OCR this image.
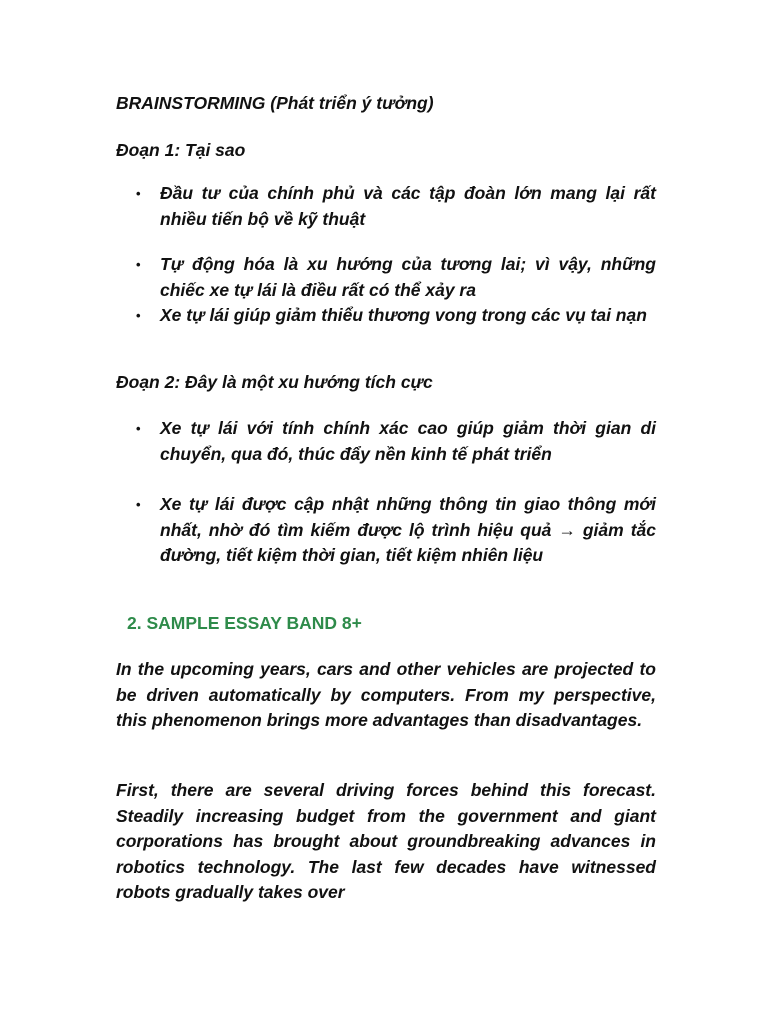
BRAINSTORMING (Phát triển ý tưởng)
Đoạn 1: Tại sao
• Đầu tư của chính phủ và các tập đoàn lớn mang lại rất nhiều tiến bộ về kỹ thuật
• Tự động hóa là xu hướng của tương lai; vì vậy, những chiếc xe tự lái là điều rất có thể xảy ra
• Xe tự lái giúp giảm thiểu thương vong trong các vụ tai nạn
Đoạn 2: Đây là một xu hướng tích cực
• Xe tự lái với tính chính xác cao giúp giảm thời gian di chuyển, qua đó, thúc đẩy nền kinh tế phát triển
• Xe tự lái được cập nhật những thông tin giao thông mới nhất, nhờ đó tìm kiếm được lộ trình hiệu quả → giảm tắc đường, tiết kiệm thời gian, tiết kiệm nhiên liệu
2. SAMPLE ESSAY BAND 8+

In the upcoming years, cars and other vehicles are projected to be driven automatically by computers. From my perspective, this phenomenon brings more advantages than disadvantages.

First, there are several driving forces behind this forecast. Steadily increasing budget from the government and giant corporations has brought about groundbreaking advances in robotics technology. The last few decades have witnessed robots gradually takes over
